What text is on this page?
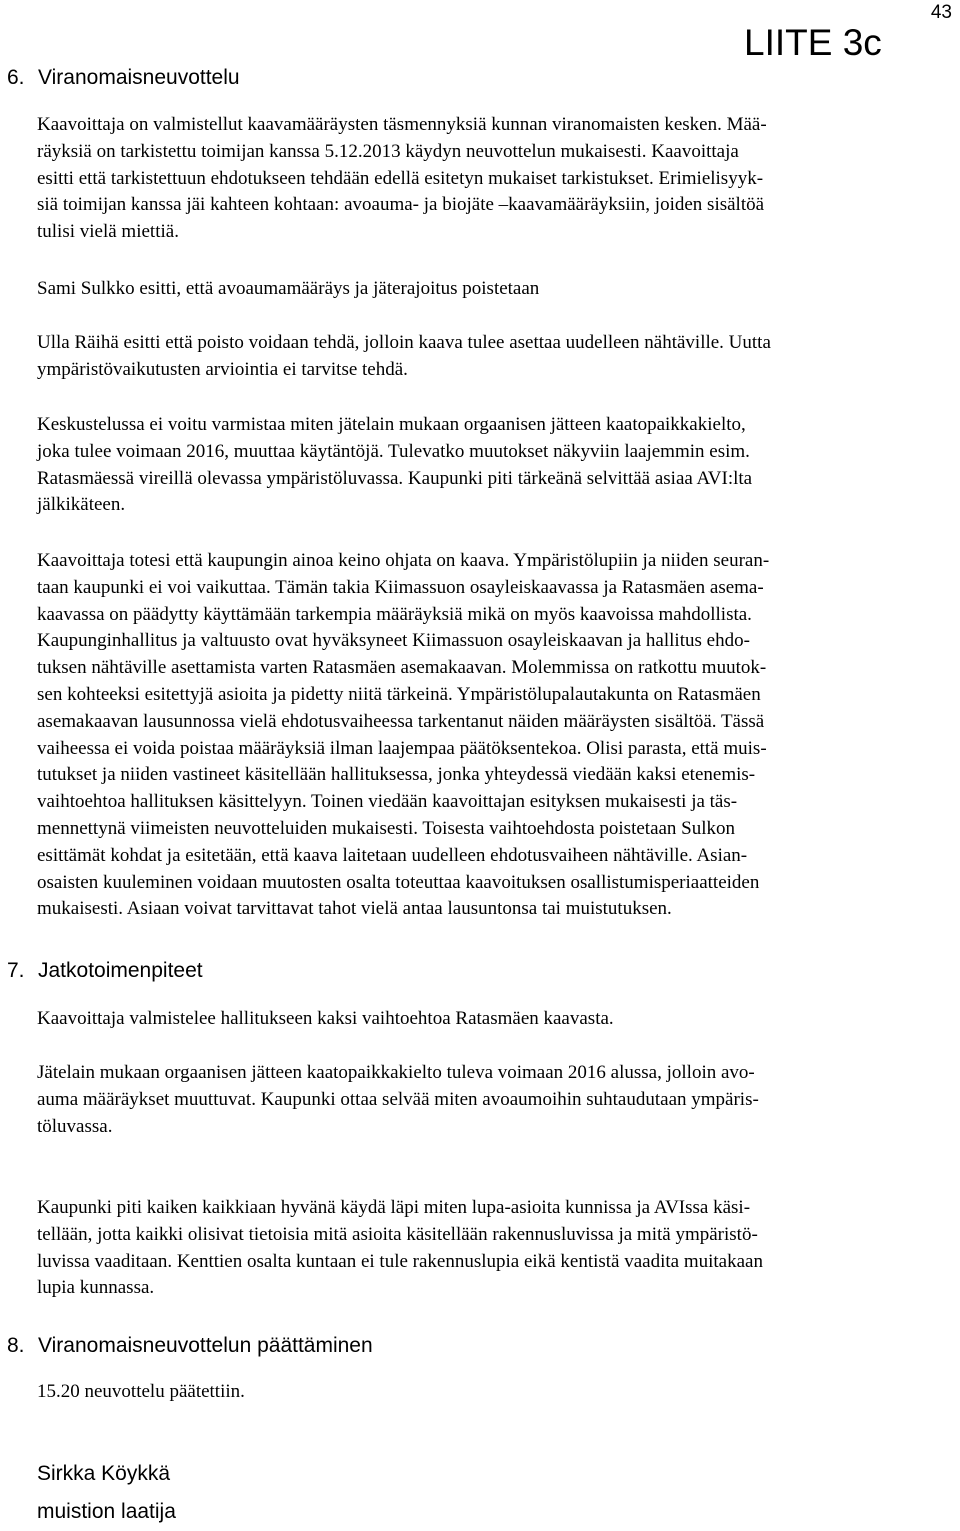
43
LIITE 3c
6. Viranomaisneuvottelu
Kaavoittaja on valmistellut kaavamääräysten täsmennyksiä kunnan viranomaisten kesken. Mää-
räyksiä on tarkistettu toimijan kanssa 5.12.2013 käydyn neuvottelun mukaisesti. Kaavoittaja
esitti että tarkistettuun ehdotukseen tehdään edellä esitetyn mukaiset tarkistukset. Erimielisyyk-
siä toimijan kanssa jäi kahteen kohtaan: avoauma- ja biojäte –kaavamääräyksiin, joiden sisältöä
tulisi vielä miettiä.
Sami Sulkko esitti, että avoaumamääräys ja jäterajoitus poistetaan
Ulla Räihä esitti että poisto voidaan tehdä, jolloin kaava tulee asettaa uudelleen nähtäville. Uutta
ympäristövaikutusten arviointia ei tarvitse tehdä.
Keskustelussa ei voitu varmistaa miten jätelain mukaan orgaanisen jätteen kaatopaikkakielto,
joka tulee voimaan 2016, muuttaa käytäntöjä. Tulevatko muutokset näkyviin laajemmin esim.
Ratasmäessä vireillä olevassa ympäristöluvassa. Kaupunki piti tärkeänä selvittää asiaa AVI:lta
jälkikäteen.
Kaavoittaja totesi että kaupungin ainoa keino ohjata on kaava. Ympäristölupiin ja niiden seuran-
taan kaupunki ei voi vaikuttaa. Tämän takia Kiimassuon osayleiskaavassa ja Ratasmäen asema-
kaavassa on päädytty käyttämään tarkempia määräyksiä mikä on myös kaavoissa mahdollista.
Kaupunginhallitus ja valtuusto ovat hyväksyneet Kiimassuon osayleiskaavan ja hallitus ehdo-
tuksen nähtäville asettamista varten Ratasmäen asemakaavan. Molemmissa on ratkottu muutok-
sen kohteeksi esitettyjä asioita ja pidetty niitä tärkeinä. Ympäristölupalautakunta on Ratasmäen
asemakaavan lausunnossa vielä ehdotusvaiheessa tarkentanut näiden määräysten sisältöä. Tässä
vaiheessa ei voida poistaa määräyksiä ilman laajempaa päätöksentekoa. Olisi parasta, että muis-
tutukset ja niiden vastineet käsitellään hallituksessa, jonka yhteydessä viedään kaksi etenemis-
vaihtoehtoa hallituksen käsittelyyn. Toinen viedään kaavoittajan esityksen mukaisesti ja täs-
mennettynä viimeisten neuvotteluiden mukaisesti. Toisesta vaihtoehdosta poistetaan Sulkon
esittämät kohdat ja esitetään, että kaava laitetaan uudelleen ehdotusvaiheen nähtäville. Asian-
osaisten kuuleminen voidaan muutosten osalta toteuttaa kaavoituksen osallistumisperiaatteiden
mukaisesti. Asiaan voivat tarvittavat tahot vielä antaa lausuntonsa tai muistutuksen.
7. Jatkotoimenpiteet
Kaavoittaja valmistelee hallitukseen kaksi vaihtoehtoa Ratasmäen kaavasta.
Jätelain mukaan orgaanisen jätteen kaatopaikkakielto tuleva voimaan 2016 alussa, jolloin avo-
auma määräykset muuttuvat. Kaupunki ottaa selvää miten avoaumoihin suhtaudutaan ympäris-
töluvassa.
Kaupunki piti kaiken kaikkiaan hyvänä käydä läpi miten lupa-asioita kunnissa ja AVIssa käsi-
tellään, jotta kaikki olisivat tietoisia mitä asioita käsitellään rakennusluvissa ja mitä ympäristö-
luvissa vaaditaan. Kenttien osalta kuntaan ei tule rakennuslupia eikä kentistä vaadita muitakaan
lupia kunnassa.
8. Viranomaisneuvottelun päättäminen
15.20 neuvottelu päätettiin.
Sirkka Köykkä
muistion laatija
